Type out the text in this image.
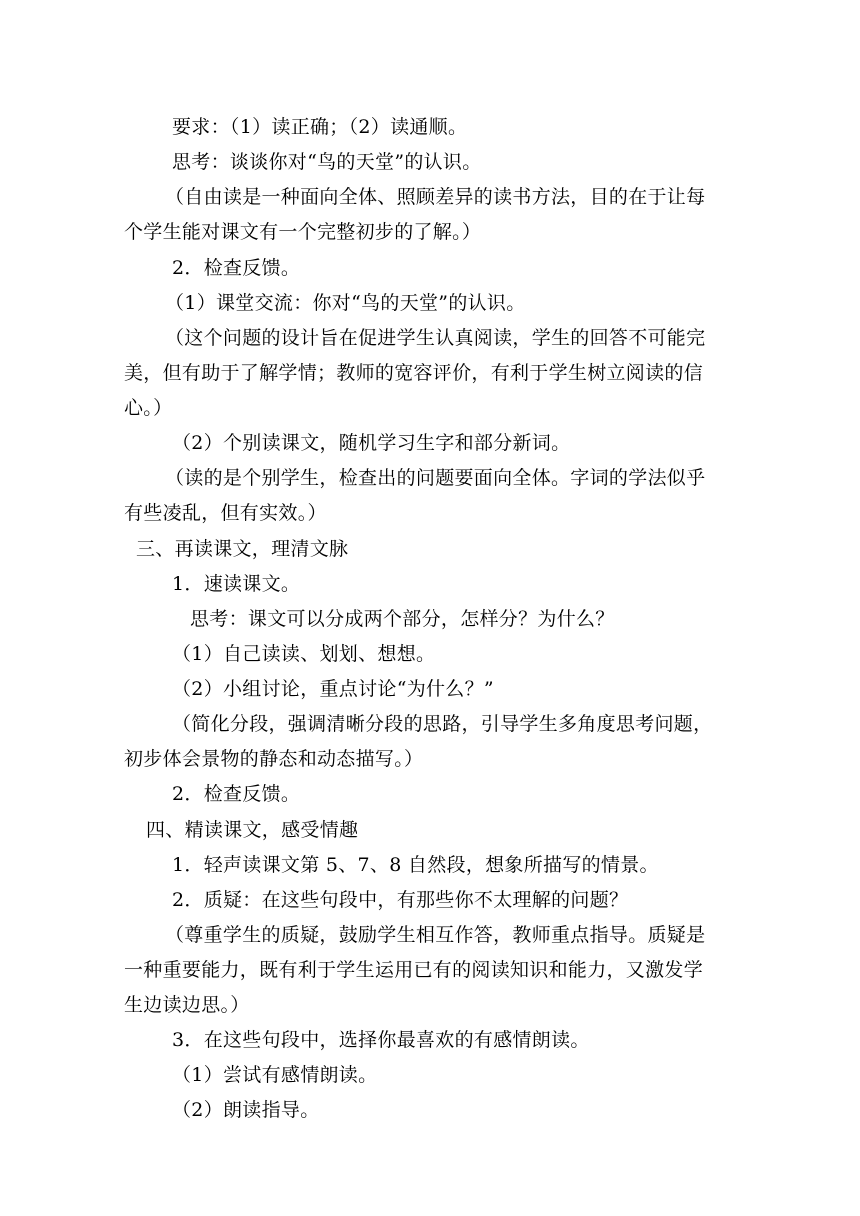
要求：（1）读正确；（2）读通顺。
思考：谈谈你对“鸟的天堂”的认识。
（自由读是一种面向全体、照顾差异的读书方法，目的在于让每
个学生能对课文有一个完整初步的了解。）
2．检查反馈。
（1）课堂交流：你对“鸟的天堂”的认识。
（这个问题的设计旨在促进学生认真阅读，学生的回答不可能完
美，但有助于了解学情；教师的宽容评价，有利于学生树立阅读的信
心。）
（2）个别读课文，随机学习生字和部分新词。
（读的是个别学生，检查出的问题要面向全体。字词的学法似乎
有些凌乱，但有实效。）
三、再读课文，理清文脉
1．速读课文。
思考：课文可以分成两个部分，怎样分？为什么？
（1）自己读读、划划、想想。
（2）小组讨论，重点讨论“为什么？”
（简化分段，强调清晰分段的思路，引导学生多角度思考问题，
初步体会景物的静态和动态描写。）
2．检查反馈。
四、精读课文，感受情趣
1．轻声读课文第 5、7、8 自然段，想象所描写的情景。
2．质疑：在这些句段中，有那些你不太理解的问题？
（尊重学生的质疑，鼓励学生相互作答，教师重点指导。质疑是
一种重要能力，既有利于学生运用已有的阅读知识和能力，又激发学
生边读边思。）
3．在这些句段中，选择你最喜欢的有感情朗读。
（1）尝试有感情朗读。
（2）朗读指导。
